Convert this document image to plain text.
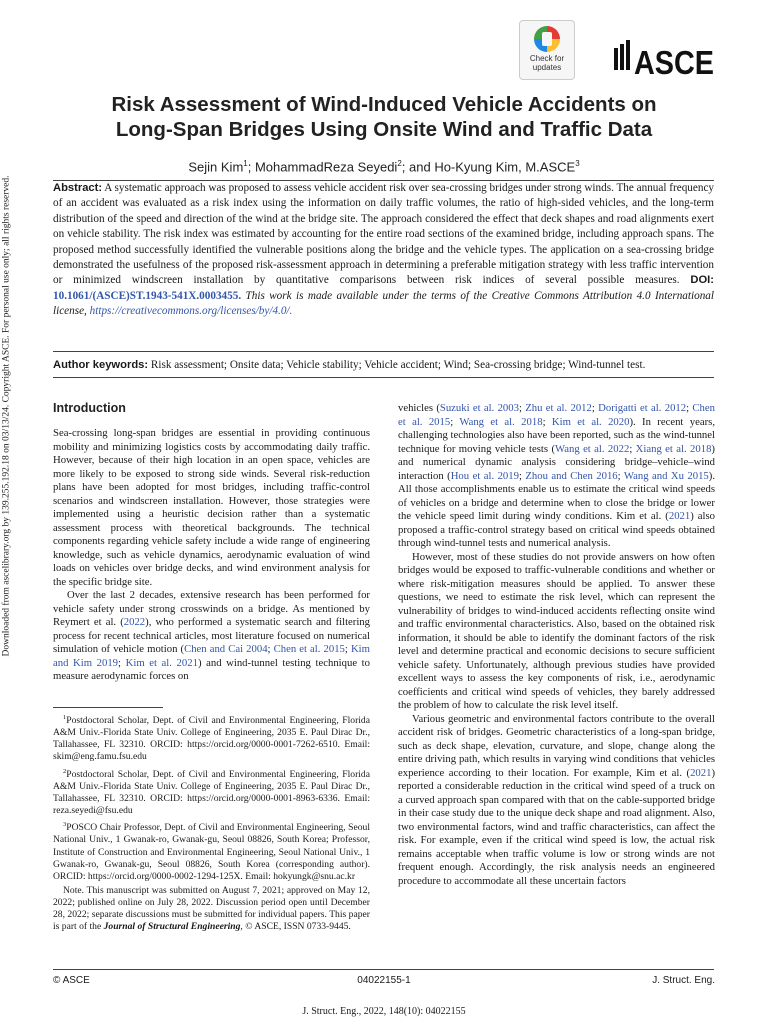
Check for
updates	ASCE
Downloaded from ascelibrary.org by 139.255.192.18 on 03/13/24. Copyright ASCE. For personal use only; all rights reserved.
Risk Assessment of Wind-Induced Vehicle Accidents on
Long-Span Bridges Using Onsite Wind and Traffic Data
Sejin Kim$^1$; MohammadReza Seyedi$^2$; and Ho-Kyung Kim, M.ASCE$^3$
Abstract: A systematic approach was proposed to assess vehicle accident risk over sea-crossing bridges under strong winds. The annual frequency of an accident was evaluated as a risk index using the information on daily traffic volumes, the ratio of high-sided vehicles, and the long-term distribution of the speed and direction of the wind at the bridge site. The approach considered the effect that deck shapes and road alignments exert on vehicle stability. The risk index was estimated by accounting for the entire road sections of the examined bridge, including approach spans. The proposed method successfully identified the vulnerable positions along the bridge and the vehicle types. The application on a sea-crossing bridge demonstrated the usefulness of the proposed risk-assessment approach in determining a preferable mitigation strategy with less traffic intervention or minimized windscreen installation by quantitative comparisons between risk indices of several possible measures. DOI: 10.1061/(ASCE)ST.1943-541X.0003455. This work is made available under the terms of the Creative Commons Attribution 4.0 International license, https://creativecommons.org/licenses/by/4.0/.
Author keywords: Risk assessment; Onsite data; Vehicle stability; Vehicle accident; Wind; Sea-crossing bridge; Wind-tunnel test.
Introduction

Sea-crossing long-span bridges are essential in providing continuous mobility and minimizing logistics costs by accommodating daily traffic. However, because of their high location in an open space, vehicles are more likely to be exposed to strong side winds. Several risk-reduction plans have been adopted for most bridges, including traffic-control scenarios and windscreen installation. However, those strategies were implemented using a heuristic decision rather than a systematic assessment process with theoretical backgrounds. The technical components regarding vehicle safety include a wide range of engineering knowledge, such as vehicle dynamics, aerodynamic evaluation of wind loads on vehicles over bridge decks, and wind environment analysis for the specific bridge site.

Over the last 2 decades, extensive research has been performed for vehicle safety under strong crosswinds on a bridge. As mentioned by Reymert et al. (2022), who performed a systematic search and filtering process for recent technical articles, most literature focused on numerical simulation of vehicle motion (Chen and Cai 2004; Chen et al. 2015; Kim and Kim 2019; Kim et al. 2021) and wind-tunnel testing technique to measure aerodynamic forces on

$^1$Postdoctoral Scholar, Dept. of Civil and Environmental Engineering, Florida A&M Univ.-Florida State Univ. College of Engineering, 2035 E. Paul Dirac Dr., Tallahassee, FL 32310. ORCID: https://orcid.org/0000-0001-7262-6510. Email: skim@eng.famu.fsu.edu

$^2$Postdoctoral Scholar, Dept. of Civil and Environmental Engineering, Florida A&M Univ.-Florida State Univ. College of Engineering, 2035 E. Paul Dirac Dr., Tallahassee, FL 32310. ORCID: https://orcid.org/0000-0001-8963-6336. Email: reza.seyedi@fsu.edu

$^3$POSCO Chair Professor, Dept. of Civil and Environmental Engineering, Seoul National Univ., 1 Gwanak-ro, Gwanak-gu, Seoul 08826, South Korea; Professor, Institute of Construction and Environmental Engineering, Seoul National Univ., 1 Gwanak-ro, Gwanak-gu, Seoul 08826, South Korea (corresponding author). ORCID: https://orcid.org/0000-0002-1294-125X. Email: hokyungk@snu.ac.kr

Note. This manuscript was submitted on August 7, 2021; approved on May 12, 2022; published online on July 28, 2022. Discussion period open until December 28, 2022; separate discussions must be submitted for individual papers. This paper is part of the Journal of Structural Engineering, © ASCE, ISSN 0733-9445.

vehicles (Suzuki et al. 2003; Zhu et al. 2012; Dorigatti et al. 2012; Chen et al. 2015; Wang et al. 2018; Kim et al. 2020). In recent years, challenging technologies also have been reported, such as the wind-tunnel technique for moving vehicle tests (Wang et al. 2022; Xiang et al. 2018) and numerical dynamic analysis considering bridge–vehicle–wind interaction (Hou et al. 2019; Zhou and Chen 2016; Wang and Xu 2015). All those accomplishments enable us to estimate the critical wind speeds of vehicles on a bridge and determine when to close the bridge or lower the vehicle speed limit during windy conditions. Kim et al. (2021) also proposed a traffic-control strategy based on critical wind speeds obtained through wind-tunnel tests and numerical analysis.

However, most of these studies do not provide answers on how often bridges would be exposed to traffic-vulnerable conditions and whether or where risk-mitigation measures should be applied. To answer these questions, we need to estimate the risk level, which can represent the vulnerability of bridges to wind-induced accidents reflecting onsite wind and traffic environmental characteristics. Also, based on the obtained risk information, it should be able to identify the dominant factors of the risk level and determine practical and economic decisions to secure sufficient vehicle safety. Unfortunately, although previous studies have provided excellent ways to assess the key components of risk, i.e., aerodynamic coefficients and critical wind speeds of vehicles, they barely addressed the problem of how to calculate the risk level itself.

Various geometric and environmental factors contribute to the overall accident risk of bridges. Geometric characteristics of a long-span bridge, such as deck shape, elevation, curvature, and slope, change along the entire driving path, which results in varying wind conditions that vehicles experience according to their location. For example, Kim et al. (2021) reported a considerable reduction in the critical wind speed of a truck on a curved approach span compared with that on the cable-supported bridge in their case study due to the unique deck shape and road alignment. Also, two environmental factors, wind and traffic characteristics, can affect the risk. For example, even if the critical wind speed is low, the actual risk remains acceptable when traffic volume is low or strong winds are not frequent enough. Accordingly, the risk analysis needs an engineered procedure to accommodate all these uncertain factors

© ASCE	04022155-1	J. Struct. Eng.
J. Struct. Eng., 2022, 148(10): 04022155
